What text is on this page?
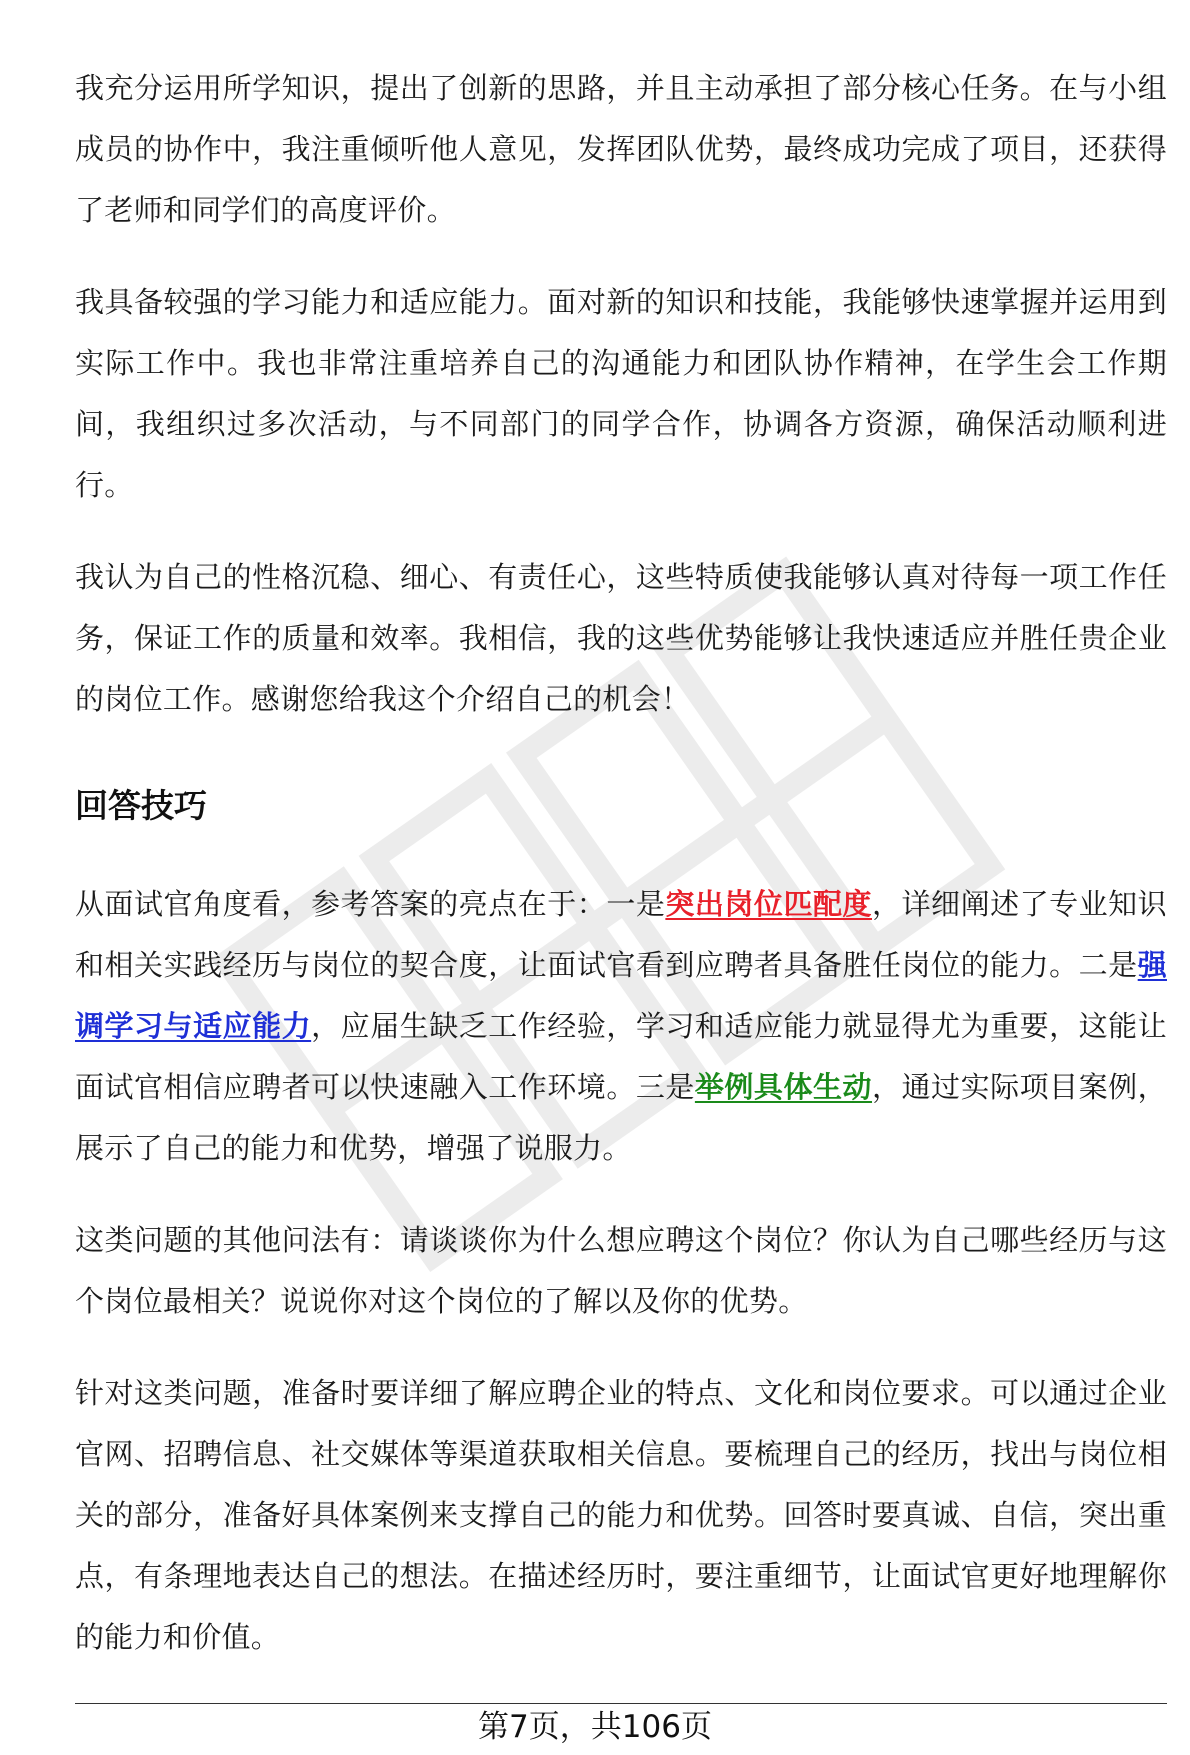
我充分运用所学知识，提出了创新的思路，并且主动承担了部分核心任务。在与小组成员的协作中，我注重倾听他人意见，发挥团队优势，最终成功完成了项目，还获得了老师和同学们的高度评价。

我具备较强的学习能力和适应能力。面对新的知识和技能，我能够快速掌握并运用到实际工作中。我也非常注重培养自己的沟通能力和团队协作精神，在学生会工作期间，我组织过多次活动，与不同部门的同学合作，协调各方资源，确保活动顺利进行。

我认为自己的性格沉稳、细心、有责任心，这些特质使我能够认真对待每一项工作任务，保证工作的质量和效率。我相信，我的这些优势能够让我快速适应并胜任贵企业的岗位工作。感谢您给我这个介绍自己的机会！

回答技巧

从面试官角度看，参考答案的亮点在于：一是突出岗位匹配度，详细阐述了专业知识和相关实践经历与岗位的契合度，让面试官看到应聘者具备胜任岗位的能力。二是强调学习与适应能力，应届生缺乏工作经验，学习和适应能力就显得尤为重要，这能让面试官相信应聘者可以快速融入工作环境。三是举例具体生动，通过实际项目案例，展示了自己的能力和优势，增强了说服力。

这类问题的其他问法有：请谈谈你为什么想应聘这个岗位？你认为自己哪些经历与这个岗位最相关？说说你对这个岗位的了解以及你的优势。

针对这类问题，准备时要详细了解应聘企业的特点、文化和岗位要求。可以通过企业官网、招聘信息、社交媒体等渠道获取相关信息。要梳理自己的经历，找出与岗位相关的部分，准备好具体案例来支撑自己的能力和优势。回答时要真诚、自信，突出重点，有条理地表达自己的想法。在描述经历时，要注重细节，让面试官更好地理解你的能力和价值。

第7页，共106页
